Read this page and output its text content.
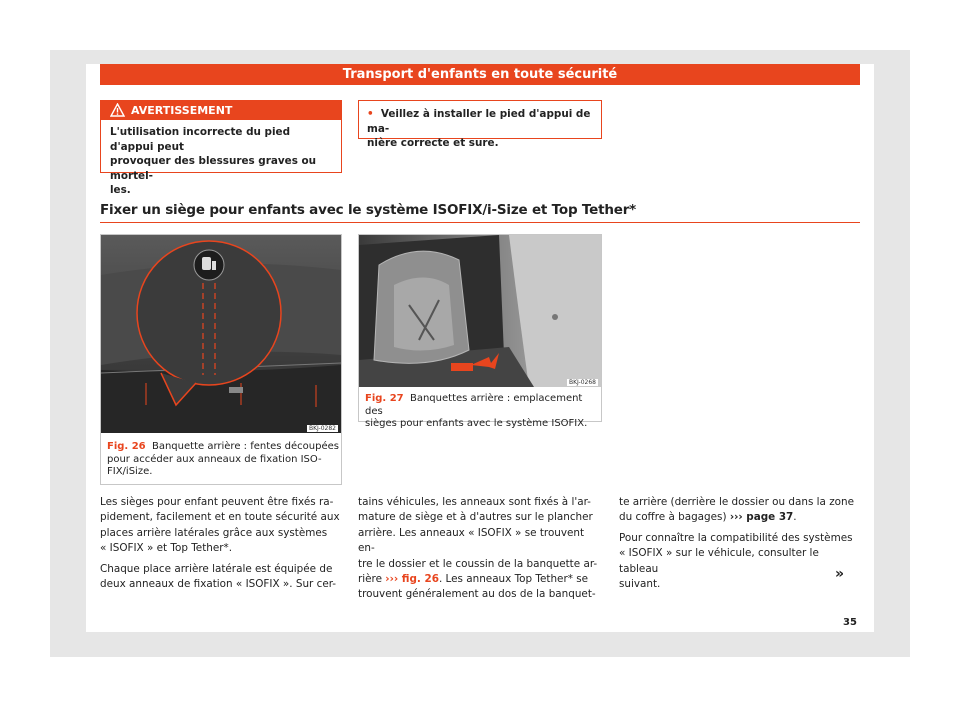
Transport d'enfants en toute sécurité
AVERTISSEMENT
L'utilisation incorrecte du pied d'appui peut
provoquer des blessures graves ou mortel-
les.
• Veillez à installer le pied d'appui de ma-
nière correcte et sure.
Fixer un siège pour enfants avec le système ISOFIX/i-Size et Top Tether*
BKJ-0282
Fig. 26 Banquette arrière : fentes découpées
pour accéder aux anneaux de fixation ISO-
FIX/iSize.
BKJ-0268
Fig. 27 Banquettes arrière : emplacement des
sièges pour enfants avec le système ISOFIX.

Les sièges pour enfant peuvent être fixés ra-
pidement, facilement et en toute sécurité aux
places arrière latérales grâce aux systèmes
« ISOFIX » et Top Tether*.

Chaque place arrière latérale est équipée de
deux anneaux de fixation « ISOFIX ». Sur cer-

tains véhicules, les anneaux sont fixés à l'ar-
mature de siège et à d'autres sur le plancher
arrière. Les anneaux « ISOFIX » se trouvent en-
tre le dossier et le coussin de la banquette ar-
rière ››› fig. 26. Les anneaux Top Tether* se
trouvent généralement au dos de la banquet-

te arrière (derrière le dossier ou dans la zone
du coffre à bagages) ››› page 37.

Pour connaître la compatibilité des systèmes
« ISOFIX » sur le véhicule, consulter le tableau
suivant.

»
35
